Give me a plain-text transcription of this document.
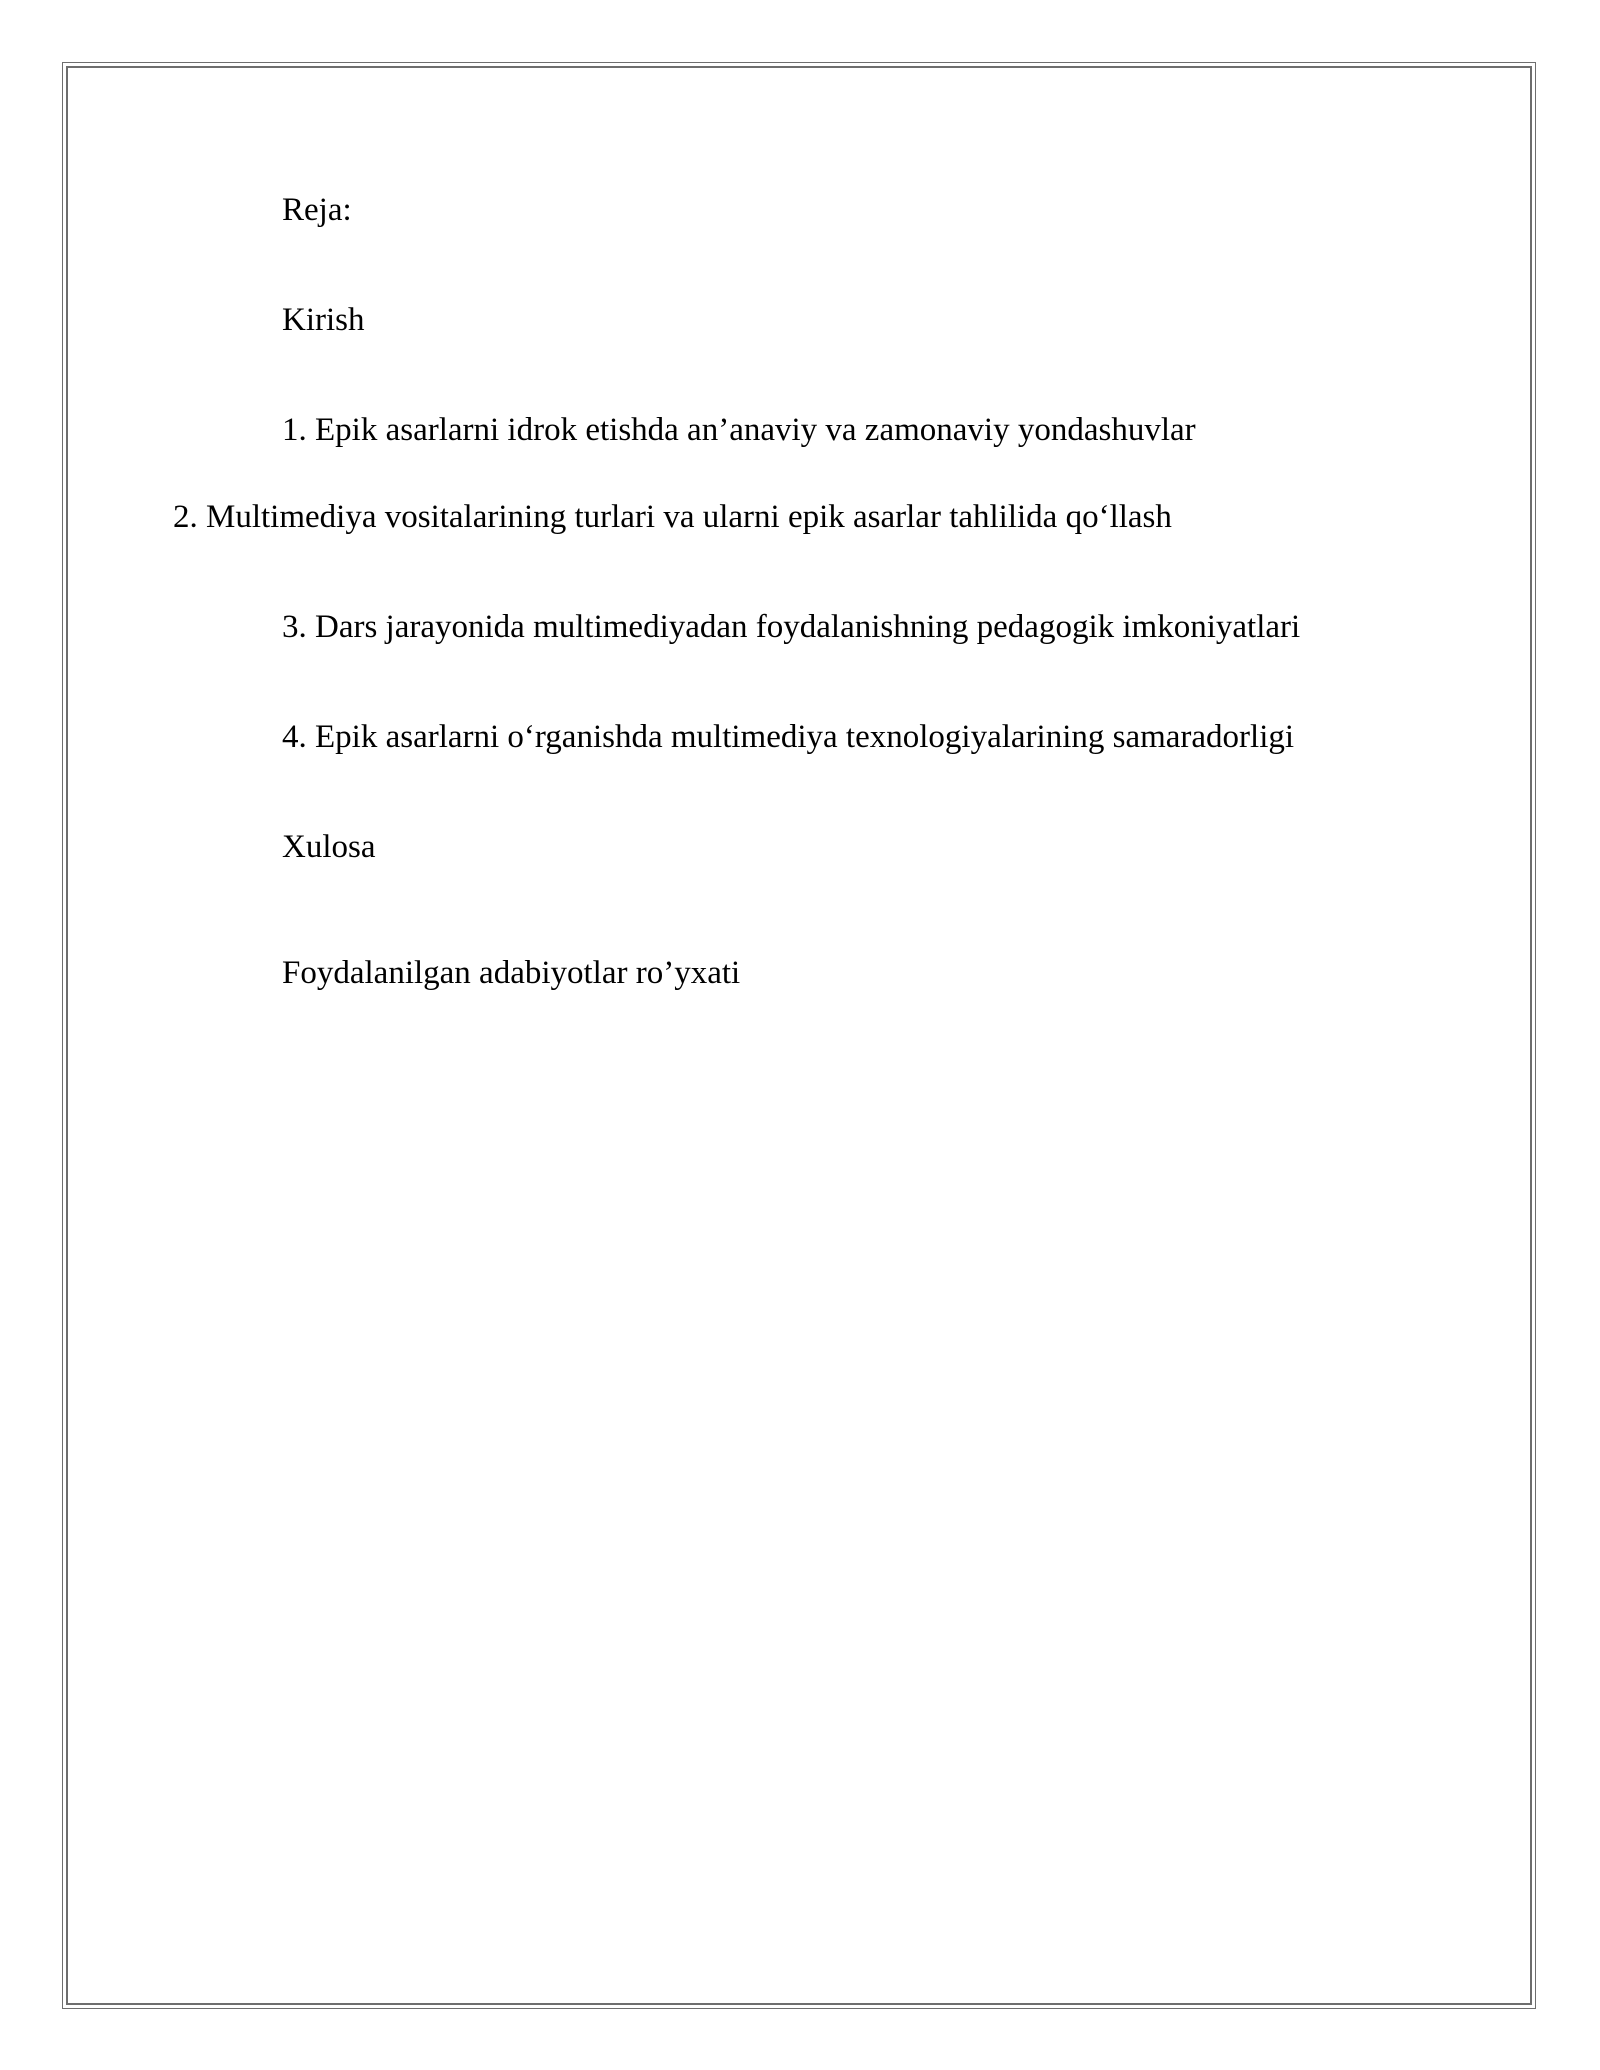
Reja:

Kirish

1. Epik asarlarni idrok etishda an’anaviy va zamonaviy yondashuvlar

2. Multimediya vositalarining turlari va ularni epik asarlar tahlilida qo‘llash

3. Dars jarayonida multimediyadan foydalanishning pedagogik imkoniyatlari

4. Epik asarlarni o‘rganishda multimediya texnologiyalarining samaradorligi

Xulosa

Foydalanilgan adabiyotlar ro’yxati
